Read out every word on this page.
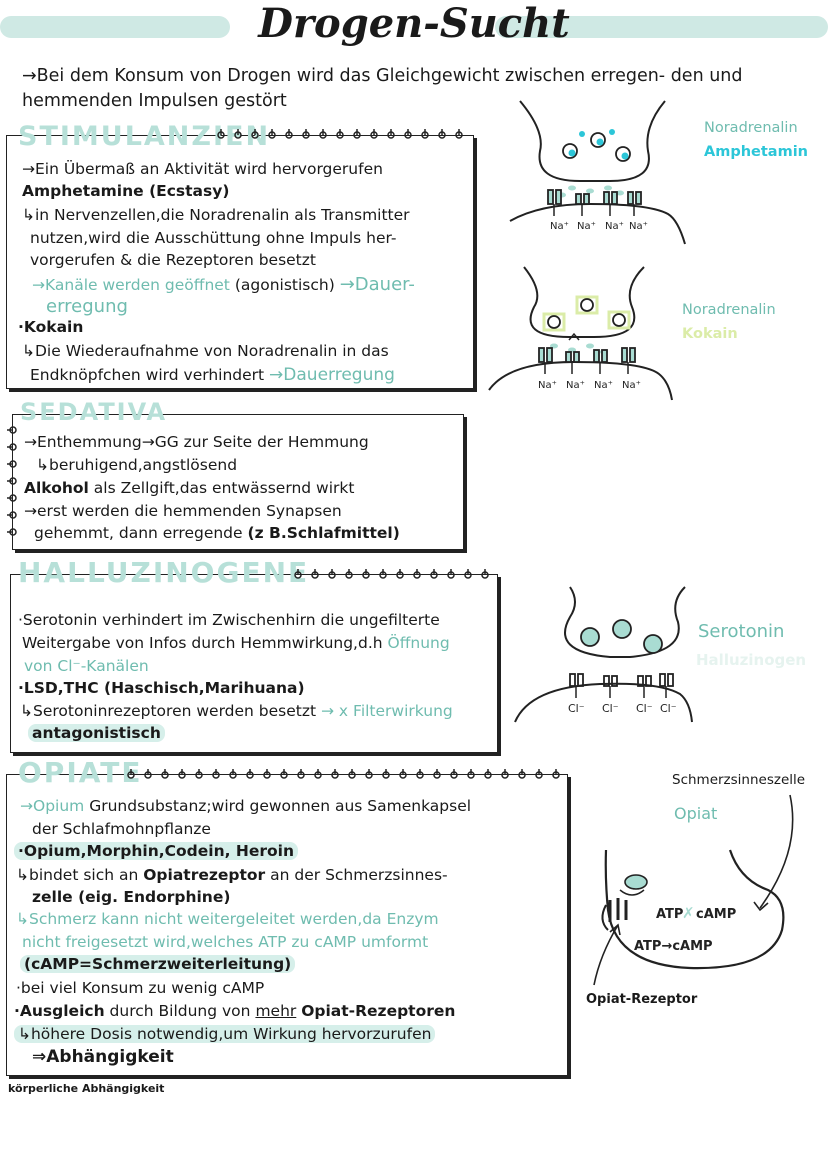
Drogen-Sucht
→Bei dem Konsum von Drogen wird das Gleichgewicht zwischen erregen- den und hemmenden Impulsen gestört
STIMULANZIEN
→Ein Übermaß an Aktivität wird hervorgerufen
Amphetamine (Ecstasy)
↳in Nervenzellen,die Noradrenalin als Transmitter
nutzen,wird die Ausschüttung ohne Impuls her-
vorgerufen & die Rezeptoren besetzt
→Kanäle werden geöffnet (agonistisch) →Dauer-
erregung
·Kokain
↳Die Wiederaufnahme von Noradrenalin in das
Endknöpfchen wird verhindert →Dauerregung
SEDATIVA
→Enthemmung→GG zur Seite der Hemmung
↳beruhigend,angstlösend
Alkohol als Zellgift,das entwässernd wirkt
→erst werden die hemmenden Synapsen
gehemmt, dann erregende (z B.Schlafmittel)
HALLUZINOGENE
·Serotonin verhindert im Zwischenhirn die ungefilterte
Weitergabe von Infos durch Hemmwirkung,d.h Öffnung
von Cl⁻-Kanälen
·LSD,THC (Haschisch,Marihuana)
↳Serotoninrezeptoren werden besetzt → x Filterwirkung
antagonistisch
OPIATE
→Opium Grundsubstanz;wird gewonnen aus Samenkapsel
der Schlafmohnpflanze
·Opium,Morphin,Codein, Heroin
↳bindet sich an Opiatrezeptor an der Schmerzsinnes-
zelle (eig. Endorphine)
↳Schmerz kann nicht weitergeleitet werden,da Enzym
nicht freigesetzt wird,welches ATP zu cAMP umformt
(cAMP=Schmerzweiterleitung)
·bei viel Konsum zu wenig cAMP
·Ausgleich durch Bildung von mehr Opiat-Rezeptoren
↳höhere Dosis notwendig,um Wirkung hervorzurufen
⇒Abhängigkeit
körperliche Abhängigkeit
Na⁺ Na⁺ Na⁺ Na⁺
Noradrenalin
Amphetamin
Na⁺ Na⁺ Na⁺ Na⁺
Noradrenalin
Kokain
Cl⁻ Cl⁻ Cl⁻ Cl⁻
Serotonin
Halluzinogen
Schmerzsinneszelle
Opiat
ATP
✗ cAMP
ATP→cAMP
Opiat-Rezeptor
